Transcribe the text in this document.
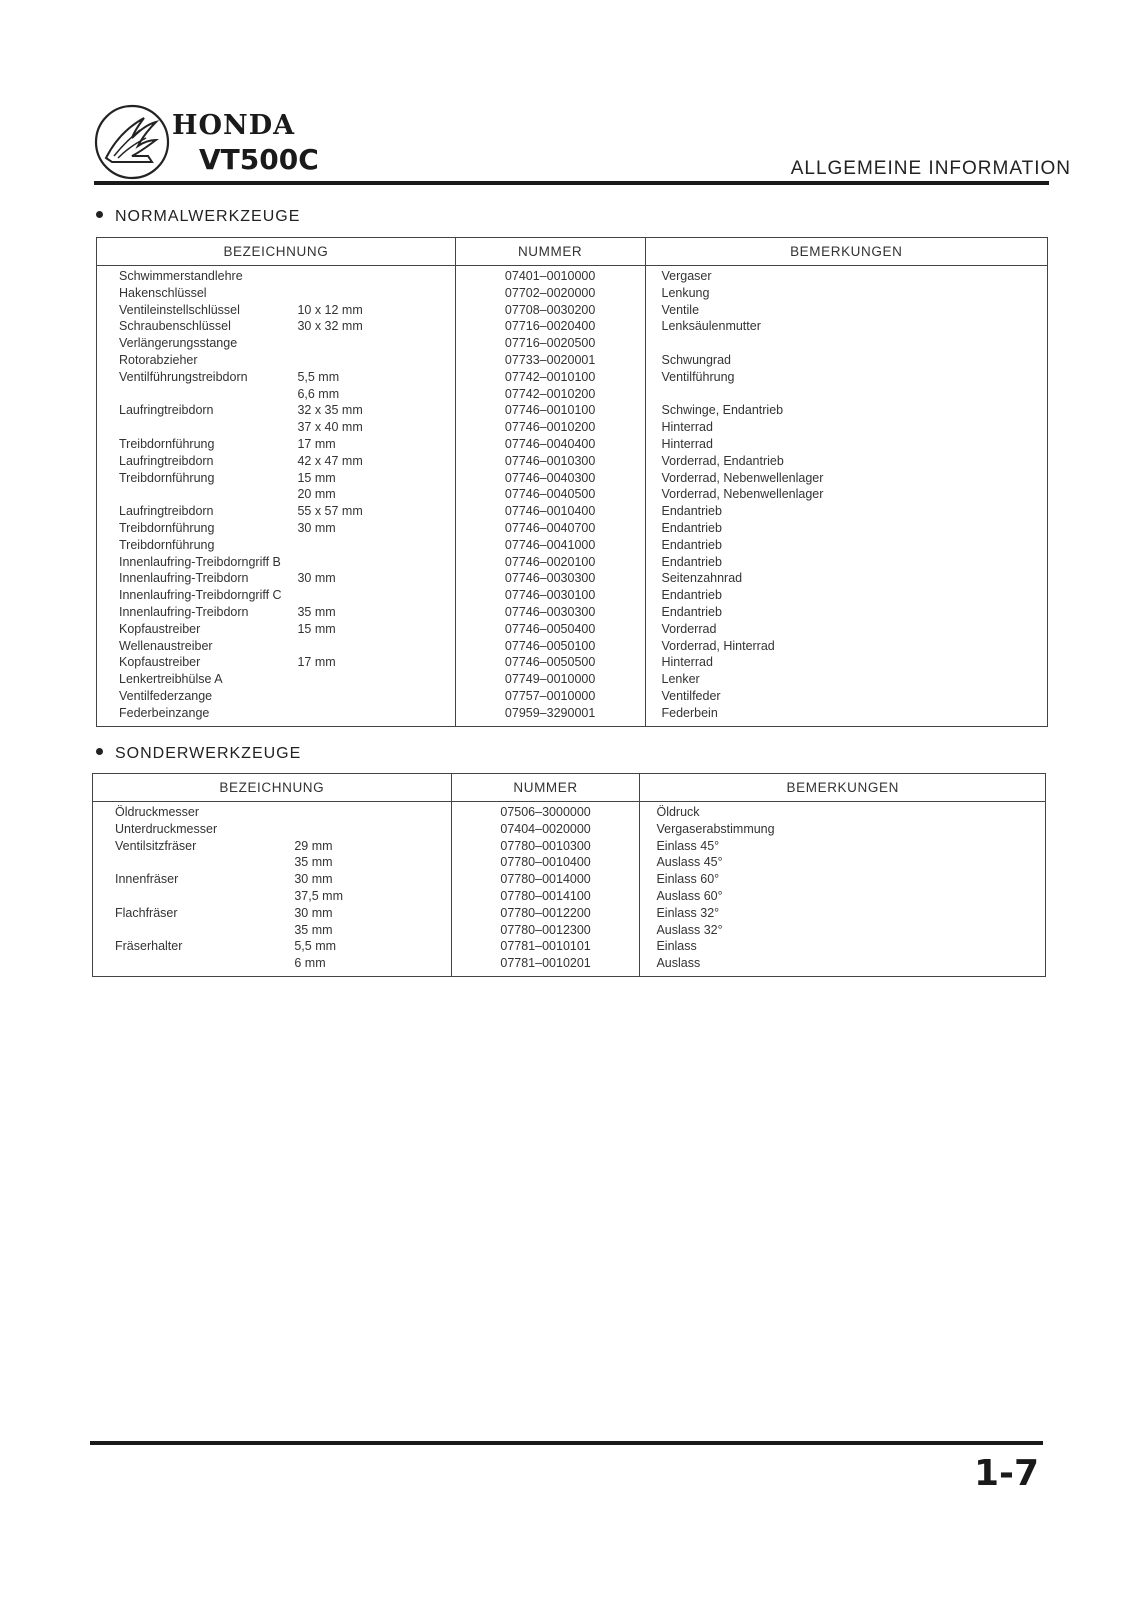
HONDA
VT500C	ALLGEMEINE INFORMATION
NORMALWERKZEUGE
BEZEICHNUNG		NUMMER	BEMERKUNGEN
Schwimmerstandlehre		07401–0010000	Vergaser
Hakenschlüssel		07702–0020000	Lenkung
Ventileinstellschlüssel	10 x 12 mm	07708–0030200	Ventile
Schraubenschlüssel	30 x 32 mm	07716–0020400	Lenksäulenmutter
Verlängerungsstange		07716–0020500	
Rotorabzieher		07733–0020001	Schwungrad
Ventilführungstreibdorn	5,5 mm	07742–0010100	Ventilführung
	6,6 mm	07742–0010200	
Laufringtreibdorn	32 x 35 mm	07746–0010100	Schwinge, Endantrieb
	37 x 40 mm	07746–0010200	Hinterrad
Treibdornführung	17 mm	07746–0040400	Hinterrad
Laufringtreibdorn	42 x 47 mm	07746–0010300	Vorderrad, Endantrieb
Treibdornführung	15 mm	07746–0040300	Vorderrad, Nebenwellenlager
	20 mm	07746–0040500	Vorderrad, Nebenwellenlager
Laufringtreibdorn	55 x 57 mm	07746–0010400	Endantrieb
Treibdornführung	30 mm	07746–0040700	Endantrieb
Treibdornführung		07746–0041000	Endantrieb
Innenlaufring-Treibdorngriff B		07746–0020100	Endantrieb
Innenlaufring-Treibdorn	30 mm	07746–0030300	Seitenzahnrad
Innenlaufring-Treibdorngriff C		07746–0030100	Endantrieb
Innenlaufring-Treibdorn	35 mm	07746–0030300	Endantrieb
Kopfaustreiber	15 mm	07746–0050400	Vorderrad
Wellenaustreiber		07746–0050100	Vorderrad, Hinterrad
Kopfaustreiber	17 mm	07746–0050500	Hinterrad
Lenkertreibhülse A		07749–0010000	Lenker
Ventilfederzange		07757–0010000	Ventilfeder
Federbeinzange		07959–3290001	Federbein
SONDERWERKZEUGE
BEZEICHNUNG		NUMMER	BEMERKUNGEN
Öldruckmesser		07506–3000000	Öldruck
Unterdruckmesser		07404–0020000	Vergaserabstimmung
Ventilsitzfräser	29 mm	07780–0010300	Einlass 45°
	35 mm	07780–0010400	Auslass 45°
Innenfräser	30 mm	07780–0014000	Einlass 60°
	37,5 mm	07780–0014100	Auslass 60°
Flachfräser	30 mm	07780–0012200	Einlass 32°
	35 mm	07780–0012300	Auslass 32°
Fräserhalter	5,5 mm	07781–0010101	Einlass
	6 mm	07781–0010201	Auslass
1-7
